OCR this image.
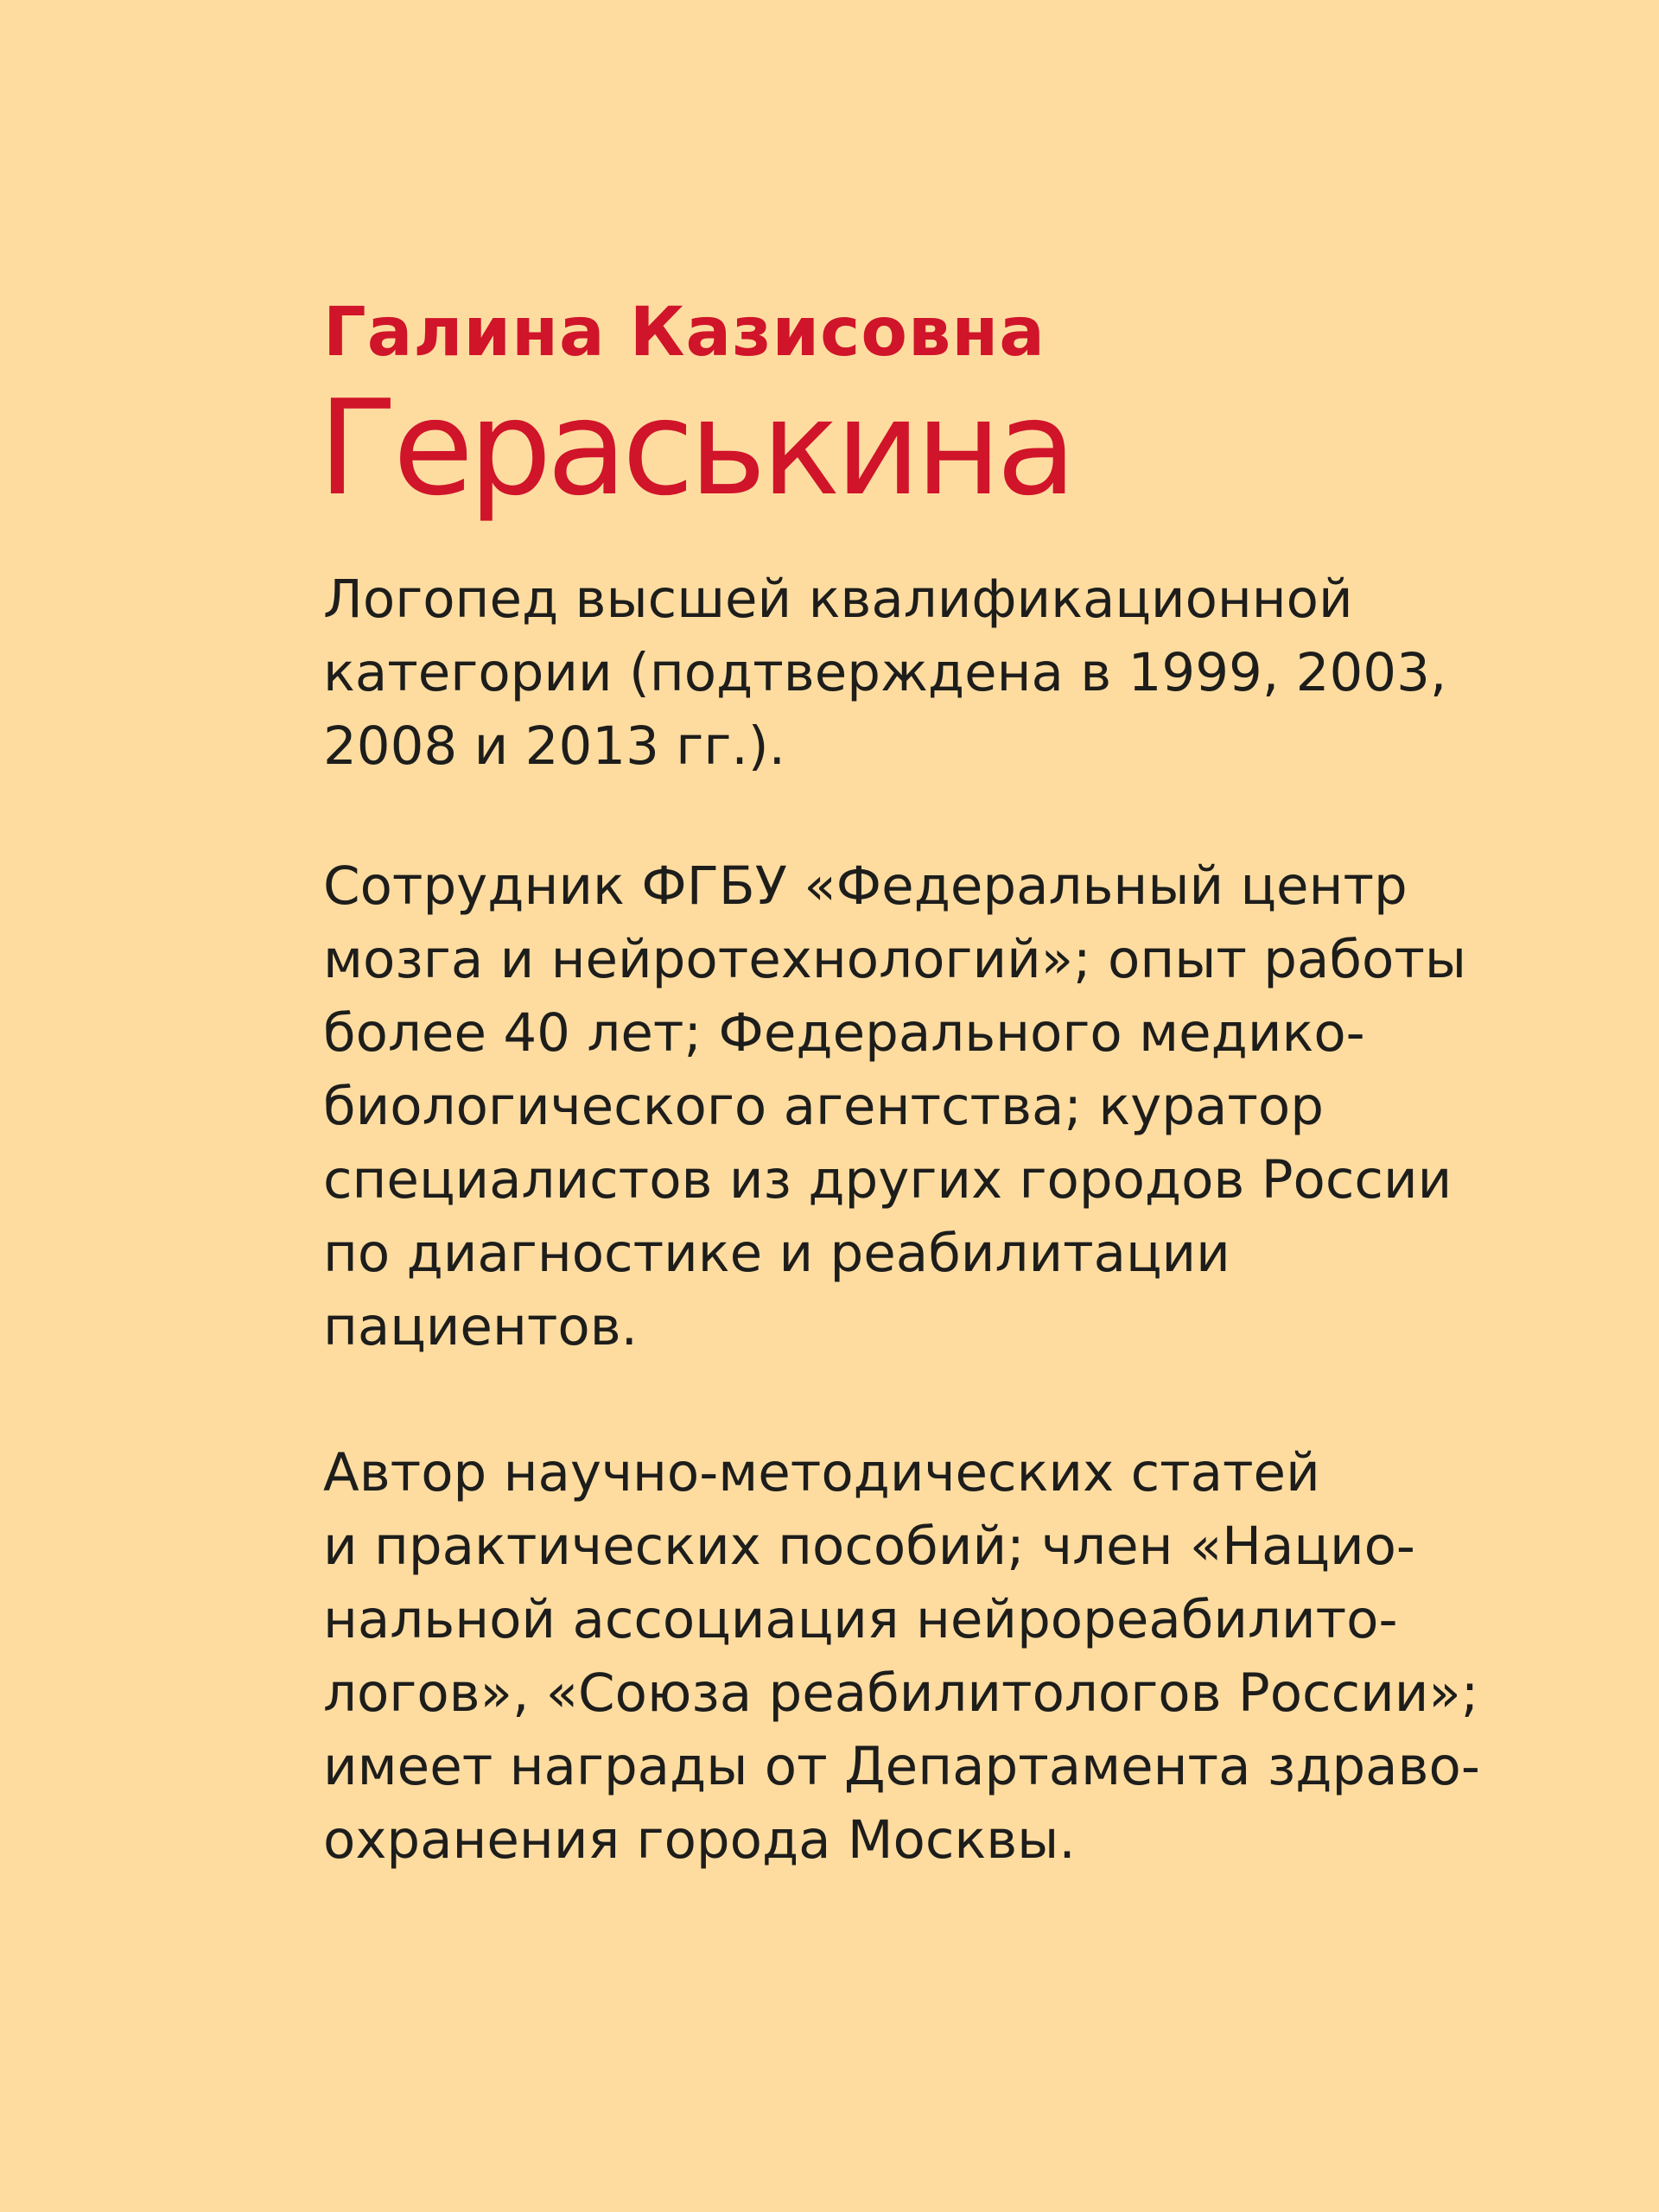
Галина Казисовна
Гераськина

Логопед высшей квалификационной
категории (подтверждена в 1999, 2003,
2008 и 2013 гг.).

Сотрудник ФГБУ «Федеральный центр
мозга и нейротехнологий»; опыт работы
более 40 лет; Федерального медико-
биологического агентства; куратор
специалистов из других городов России
по диагностике и реабилитации
пациентов.

Автор научно-методических статей
и практических пособий; член «Нацио-
нальной ассоциация нейрореабилито-
логов», «Союза реабилитологов России»;
имеет награды от Департамента здраво-
охранения города Москвы.
